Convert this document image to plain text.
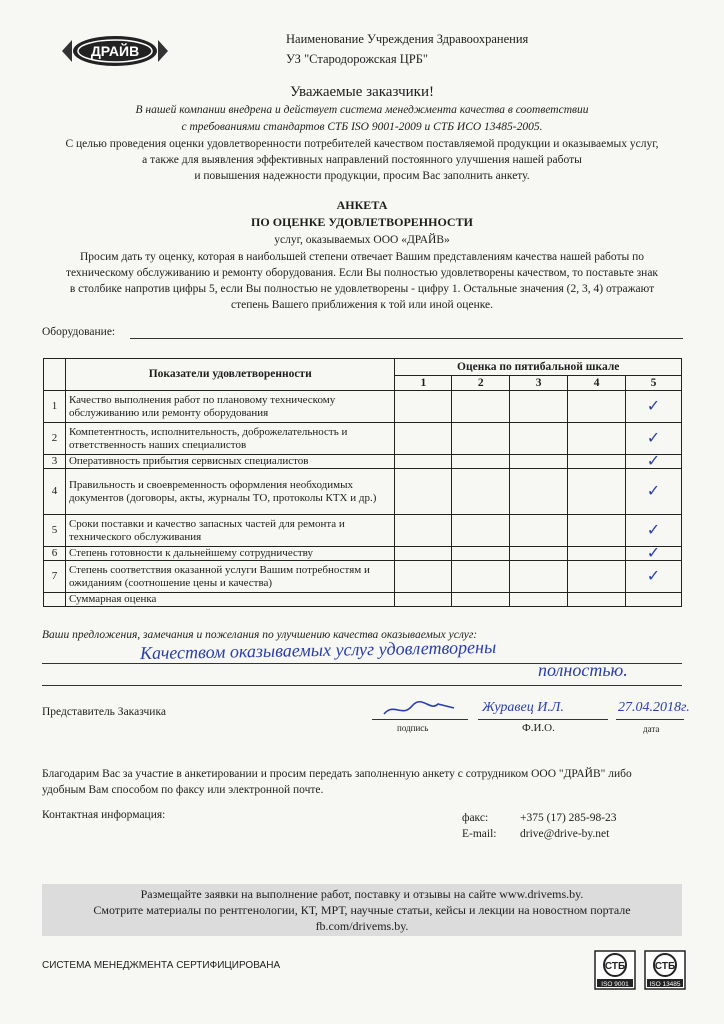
ДРАЙВ
Наименование Учреждения Здравоохранения
УЗ "Стародорожская ЦРБ"
Уважаемые заказчики!
В нашей компании внедрена и действует система менеджмента качества в соответствии
с требованиями стандартов СТБ ISO 9001-2009 и СТБ ИСО 13485-2005.
С целью проведения оценки удовлетворенности потребителей качеством поставляемой продукции и оказываемых услуг,
а также для выявления эффективных направлений постоянного улучшения нашей работы
и повышения надежности продукции, просим Вас заполнить анкету.
АНКЕТА
ПО ОЦЕНКЕ УДОВЛЕТВОРЕННОСТИ
услуг, оказываемых ООО «ДРАЙВ»
Просим дать ту оценку, которая в наибольшей степени отвечает Вашим представлениям качества нашей работы по
техническому обслуживанию и ремонту оборудования. Если Вы полностью удовлетворены качеством, то поставьте знак
в столбике напротив цифры 5, если Вы полностью не удовлетворены - цифру 1. Остальные значения (2, 3, 4) отражают
степень Вашего приближения к той или иной оценке.
Оборудование:
	Показатели удовлетворенности	Оценка по пятибальной шкале				
		1	2	3	4	5
1	Качество выполнения работ по плановому техническому обслуживанию или ремонту оборудования					✓
2	Компетентность, исполнительность, доброжелательность и ответственность наших специалистов					✓
3	Оперативность прибытия сервисных специалистов					✓
4	Правильность и своевременность оформления необходимых документов (договоры, акты, журналы ТО, протоколы КТХ и др.)					✓
5	Сроки поставки и качество запасных частей для ремонта и технического обслуживания					✓
6	Степень готовности к дальнейшему сотрудничеству					✓
7	Степень соответствия оказанной услуги Вашим потребностям и ожиданиям (соотношение цены и качества)					✓
	Суммарная оценка					
Ваши предложения, замечания и пожелания по улучшению качества оказываемых услуг:
Качеством оказываемых услуг удовлетворены
полностью.
Представитель Заказчика	Журавец И.Л.	27.04.2018г.
подпись	Ф.И.О.	дата
Благодарим Вас за участие в анкетировании и просим передать заполненную анкету с сотрудником ООО "ДРАЙВ" либо
удобным Вам способом по факсу или электронной почте.
Контактная информация:	факс:	+375 (17) 285-98-23
E-mail: drive@drive-by.net
Размещайте заявки на выполнение работ, поставку и отзывы на сайте www.drivems.by.
Смотрите материалы по рентгенологии, КТ, МРТ, научные статьи, кейсы и лекции на новостном портале
fb.com/drivems.by.
СИСТЕМА МЕНЕДЖМЕНТА СЕРТИФИЦИРОВАНА	СТБ
ISO 9001
СТБ
ISO 13485
